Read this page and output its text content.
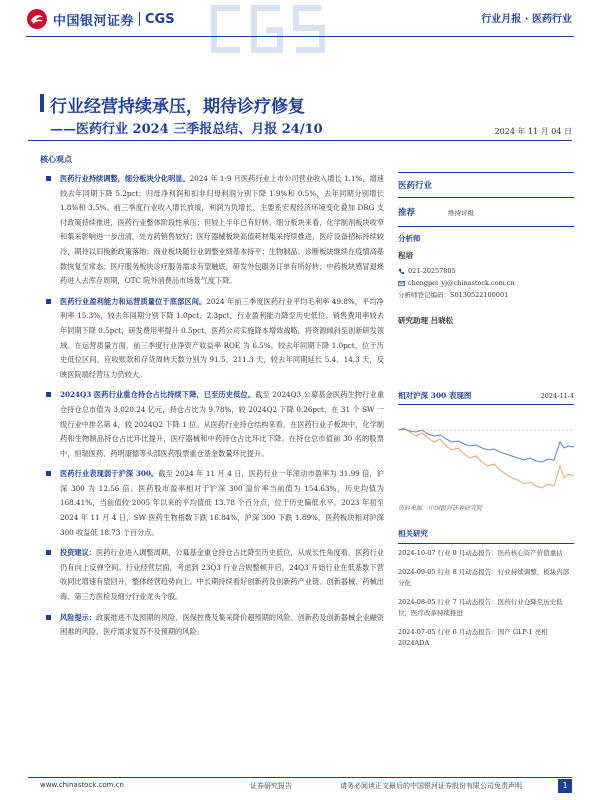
中国银河证券 CGS	行业月报 · 医药行业
行业经营持续承压，期待诊疗修复
——医药行业 2024 三季报总结、月报 24/10	2024 年 11 月 04 日
核心观点
医药行业持续调整，细分板块分化明显。2024 年 1-9 月医药行业上市公司营业收入增长 1.1%，增速较去年同期下降 5.2pct；归母净利润和扣非归母利润分别下降 1.9%和 0.5%，去年同期分别增长 1.8%和 3.5%。前三季度行业收入增长放缓，利润为负增长，主要系宏观经济环境变化叠加 DRG 支付政策持续推进，医药行业整体阶段性承压；但较上半年已有好转。细分板块来看，化学制剂板块收窄和集采影响进一步出清，处方药销售较好；医疗器械板块高值耗材集采持续推进，医疗设备招标持续较冷，期待以旧换新政策落地；商业板块随行业调整业绩基本持平；生物制品、诊断板块继续在疫情高基数恢复至常态；医疗服务板块诊疗服务需求有望触底，研发外包服务订单有所好转；中药板块感冒退烧药进入去库存周期，OTC 院外消费品市场景气度下降。
医药行业盈利能力和运营质量位于底部区间。2024 年前三季度医药行业平均毛利率 49.8%，平均净利率 15.3%，较去年同期分别下降 1.0pct、2.3pct，行业盈利能力降至历史低位。销售费用率较去年同期下降 0.5pct，研发费用率提升 0.5pct，医药公司实施降本增效战略，将资源倾斜至创新研发领域。在运营质量方面，前三季度行业净资产收益率 ROE 为 6.5%，较去年同期下降 1.0pct，位于历史低位区间，应收账款和存货周转天数分别为 91.5、211.3 天，较去年同期延长 5.4、14.3 天，反映医院端经营压力仍较大。
2024Q3 医药行业重仓持仓占比持续下降，已至历史低位。截至 2024Q3 公募基金医药生物行业重仓持仓总市值为 3,020.24 亿元，持仓占比为 9.78%，较 2024Q2 下降 0.26pct，在 31 个 SW 一级行业中排名第 4，较 2024Q2 下降 1 位。从医药行业持仓结构来看，在医药行业子板块中，化学制药和生物制品持仓占比环比提升，医疗器械和中药持仓占比环比下降。在持仓总市值前 30 名的股票中，恒瑞医药、药明康德等头部医药股票重仓基金数量环比提升。
医药行业表现弱于沪深 300。截至 2024 年 11 月 4 日，医药行业一年滚动市盈率为 31.99 倍，沪深 300 为 12.56 倍。医药股市盈率相对于沪深 300 溢价率当前值为 154.63%，历史均值为 168.41%，当前值较 2005 年以来的平均值低 13.78 个百分点，位于历史偏低水平。2023 年初至 2024 年 11 月 4 日，SW 医药生物指数下跌 16.84%，沪深 300 下跌 1.89%，医药板块相对沪深 300 收益低 18.73 个百分点。
投资建议：医药行业进入调整周期，公募基金重仓持仓占比降至历史低位，从成长性角度看，医药行业仍有向上反弹空间。行业经营层面，考虑到 23Q3 行业合规整顿开启，24Q3 开始行业在低基数下营收同比增速有望回升，整体经营趋势向上。中长期持续看好创新药及创新药产业链、创新器械、药械出海、第三方医检及细分行业龙头个股。
风险提示：政策推进不及预期的风险、医保控费及集采降价超预期的风险、创新药及创新器械企业融资困难的风险、医疗需求复苏不及预期的风险。
医药行业
推荐	维持评级
分析师
程培
021-20257805
chengpei_yj@chinastock.com.cn
分析师登记编码：S0130522100001
研究助理 吕晓松
相对沪深 300 表现图	2024-11-4
资料来源：中国银河证券研究院
相关研究
2024-10-07 行业 9 月动态报告：医药核心资产价值重估
2024-09-05 行业 8 月动态报告：行业持续调整，板块内部分化
2024-08-05 行业 7 月动态报告：医药行业仓降至历史低位，医疗改革持续推进
2024-07-05 行业 6 月动态报告：国产 GLP-1 亮相 2024ADA
www.chinastock.com.cn	证券研究报告	请务必阅读正文最后的中国银河证券股份有限公司免责声明	1
